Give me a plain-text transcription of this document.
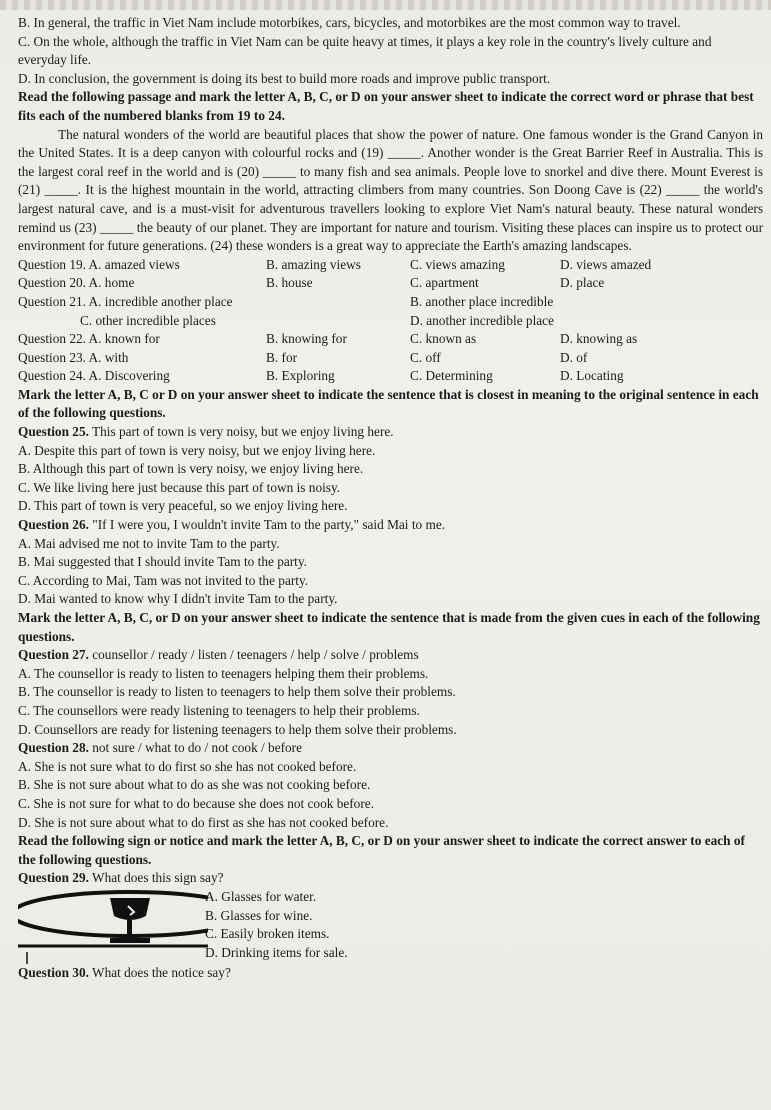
B. In general, the traffic in Viet Nam include motorbikes, cars, bicycles, and motorbikes are the most common way to travel.

C. On the whole, although the traffic in Viet Nam can be quite heavy at times, it plays a key role in the country's lively culture and everyday life.

D. In conclusion, the government is doing its best to build more roads and improve public transport.

Read the following passage and mark the letter A, B, C, or D on your answer sheet to indicate the correct word or phrase that best fits each of the numbered blanks from 19 to 24.

The natural wonders of the world are beautiful places that show the power of nature. One famous wonder is the Grand Canyon in the United States. It is a deep canyon with colourful rocks and (19) _____. Another wonder is the Great Barrier Reef in Australia. This is the largest coral reef in the world and is (20) _____ to many fish and sea animals. People love to snorkel and dive there. Mount Everest is (21) _____. It is the highest mountain in the world, attracting climbers from many countries. Son Doong Cave is (22) _____ the world's largest natural cave, and is a must-visit for adventurous travellers looking to explore Viet Nam's natural beauty. These natural wonders remind us (23) _____ the beauty of our planet. They are important for nature and tourism. Visiting these places can inspire us to protect our environment for future generations. (24) these wonders is a great way to appreciate the Earth's amazing landscapes.

Question 19. A. amazed views	B. amazing views	C. views amazing	D. views amazed
Question 20. A. home	B. house	C. apartment	D. place
Question 21. A. incredible another place	B. another place incredible
C. other incredible places	D. another incredible place
Question 22. A. known for	B. knowing for	C. known as	D. knowing as
Question 23. A. with	B. for	C. off	D. of
Question 24. A. Discovering	B. Exploring	C. Determining	D. Locating

Mark the letter A, B, C or D on your answer sheet to indicate the sentence that is closest in meaning to the original sentence in each of the following questions.

Question 25. This part of town is very noisy, but we enjoy living here.

A. Despite this part of town is very noisy, but we enjoy living here.

B. Although this part of town is very noisy, we enjoy living here.

C. We like living here just because this part of town is noisy.

D. This part of town is very peaceful, so we enjoy living here.

Question 26. "If I were you, I wouldn't invite Tam to the party," said Mai to me.

A. Mai advised me not to invite Tam to the party.

B. Mai suggested that I should invite Tam to the party.

C. According to Mai, Tam was not invited to the party.

D. Mai wanted to know why I didn't invite Tam to the party.

Mark the letter A, B, C, or D on your answer sheet to indicate the sentence that is made from the given cues in each of the following questions.

Question 27. counsellor / ready / listen / teenagers / help / solve / problems

A. The counsellor is ready to listen to teenagers helping them their problems.

B. The counsellor is ready to listen to teenagers to help them solve their problems.

C. The counsellors were ready listening to teenagers to help their problems.

D. Counsellors are ready for listening teenagers to help them solve their problems.

Question 28. not sure / what to do / not cook / before

A. She is not sure what to do first so she has not cooked before.

B. She is not sure about what to do as she was not cooking before.

C. She is not sure for what to do because she does not cook before.

D. She is not sure about what to do first as she has not cooked before.

Read the following sign or notice and mark the letter A, B, C, or D on your answer sheet to indicate the correct answer to each of the following questions.

Question 29. What does this sign say?

A. Glasses for water.

B. Glasses for wine.

C. Easily broken items.

D. Drinking items for sale.

Question 30. What does the notice say?
